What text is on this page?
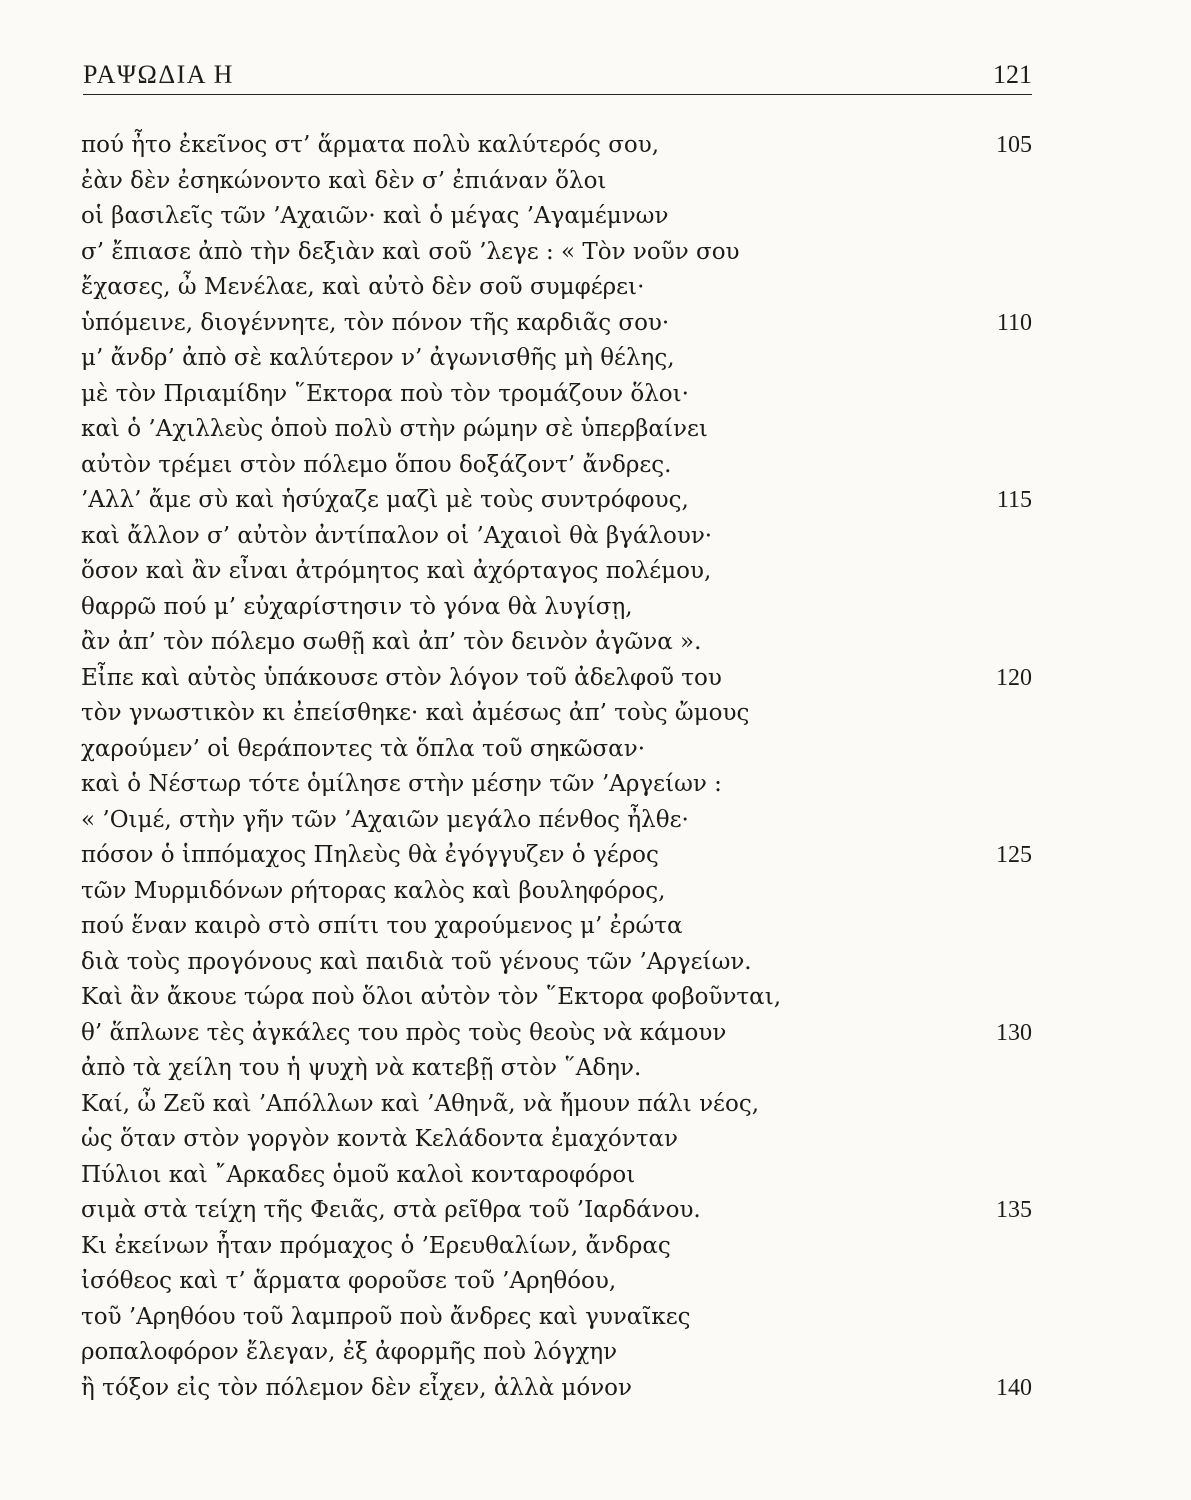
ΡΑΨΩΔΙΑ Η	121
πού ἦτο ἐκεῖνος στ’ ἅρματα πολὺ καλύτερός σου,	105
ἐὰν δὲν ἐσηκώνοντο καὶ δὲν σ’ ἐπιάναν ὅλοι
οἱ βασιλεῖς τῶν ’Αχαιῶν· καὶ ὁ μέγας ’Αγαμέμνων
σ’ ἔπιασε ἀπὸ τὴν δεξιὰν καὶ σοῦ ’λεγε : « Τὸν νοῦν σου
ἔχασες, ὦ Μενέλαε, καὶ αὐτὸ δὲν σοῦ συμφέρει·
ὑπόμεινε, διογέννητε, τὸν πόνον τῆς καρδιᾶς σου·	110
μ’ ἄνδρ’ ἀπὸ σὲ καλύτερον ν’ ἀγωνισθῆς μὴ θέλης,
μὲ τὸν Πριαμίδην ῞Εκτορα ποὺ τὸν τρομάζουν ὅλοι·
καὶ ὁ ’Αχιλλεὺς ὁποὺ πολὺ στὴν ρώμην σὲ ὑπερβαίνει
αὐτὸν τρέμει στὸν πόλεμο ὅπου δοξάζοντ’ ἄνδρες.
’Αλλ’ ἄμε σὺ καὶ ἡσύχαζε μαζὶ μὲ τοὺς συντρόφους,	115
καὶ ἄλλον σ’ αὐτὸν ἀντίπαλον οἱ ’Αχαιοὶ θὰ βγάλουν·
ὅσον καὶ ἂν εἶναι ἀτρόμητος καὶ ἀχόρταγος πολέμου,
θαρρῶ πού μ’ εὐχαρίστησιν τὸ γόνα θὰ λυγίσῃ,
ἂν ἀπ’ τὸν πόλεμο σωθῇ καὶ ἀπ’ τὸν δεινὸν ἀγῶνα ».
Εἶπε καὶ αὐτὸς ὑπάκουσε στὸν λόγον τοῦ ἀδελφοῦ του	120
τὸν γνωστικὸν κι ἐπείσθηκε· καὶ ἀμέσως ἀπ’ τοὺς ὤμους
χαρούμεν’ οἱ θεράποντες τὰ ὅπλα τοῦ σηκῶσαν·
καὶ ὁ Νέστωρ τότε ὁμίλησε στὴν μέσην τῶν ’Αργείων :
« ’Οιμέ, στὴν γῆν τῶν ’Αχαιῶν μεγάλο πένθος ἦλθε·
πόσον ὁ ἱππόμαχος Πηλεὺς θὰ ἐγόγγυζεν ὁ γέρος	125
τῶν Μυρμιδόνων ρήτορας καλὸς καὶ βουληφόρος,
πού ἕναν καιρὸ στὸ σπίτι του χαρούμενος μ’ ἐρώτα
διὰ τοὺς προγόνους καὶ παιδιὰ τοῦ γένους τῶν ’Αργείων.
Καὶ ἂν ἄκουε τώρα ποὺ ὅλοι αὐτὸν τὸν ῞Εκτορα φοβοῦνται,
θ’ ἅπλωνε τὲς ἀγκάλες του πρὸς τοὺς θεοὺς νὰ κάμουν	130
ἀπὸ τὰ χείλη του ἡ ψυχὴ νὰ κατεβῇ στὸν ῞Αδην.
Καί, ὦ Ζεῦ καὶ ’Απόλλων καὶ ’Αθηνᾶ, νὰ ἤμουν πάλι νέος,
ὡς ὅταν στὸν γοργὸν κοντὰ Κελάδοντα ἐμαχόνταν
Πύλιοι καὶ ῎Αρκαδες ὁμοῦ καλοὶ κονταροφόροι
σιμὰ στὰ τείχη τῆς Φειᾶς, στὰ ρεῖθρα τοῦ ’Ιαρδάνου.	135
Κι ἐκείνων ἦταν πρόμαχος ὁ ’Ερευθαλίων, ἄνδρας
ἰσόθεος καὶ τ’ ἅρματα φοροῦσε τοῦ ’Αρηθόου,
τοῦ ’Αρηθόου τοῦ λαμπροῦ ποὺ ἄνδρες καὶ γυναῖκες
ροπαλοφόρον ἔλεγαν, ἐξ ἀφορμῆς ποὺ λόγχην
ἢ τόξον εἰς τὸν πόλεμον δὲν εἶχεν, ἀλλὰ μόνον	140
